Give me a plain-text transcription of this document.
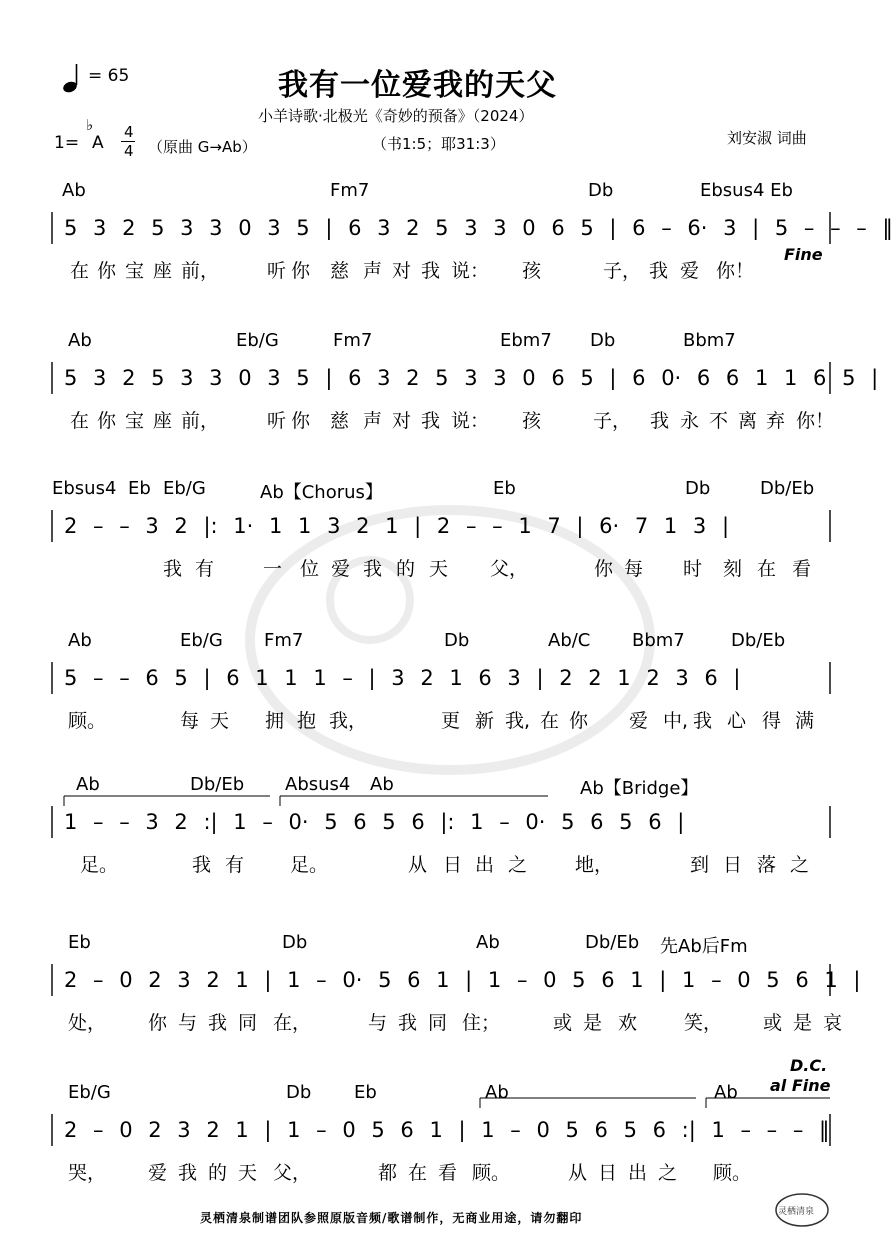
= 65	我有一位爱我的天父
小羊诗歌·北极光《奇妙的预备》（2024）
1=
♭
A
4
4 （原曲 G→Ab）	（书1:5；耶31:3）	刘安淑 词曲
Ab	Fm7	Db	Ebsus4 Eb
5 3 2 5 3 3 0 3 5 | 6 3 2 5 3 3 0 6 5 | 6 – 6· 3 | 5 – – – ‖
在 你 宝 座 前，	听 你 慈 声 对 我 说： 孩	子， 我 爱 你！
Ab	Eb/G	Fm7	Ebm7 Db	Bbm7
5 3 2 5 3 3 0 3 5 | 6 3 2 5 3 3 0 6 5 | 6 0· 6 6 1 1 6 5 |
在 你 宝 座 前，	听 你 慈 声 对 我 说： 孩	子， 我 永 不 离 弃 你！
Ebsus4 Eb Eb/G	Ab【Chorus】	Eb	Db	Db/Eb
2 – – 3 2 |: 1· 1 1 3 2 1 | 2 – – 1 7 | 6· 7 1 3 |
我 有	一 位 爱 我 的 天 父，	你 每 时 刻 在 看
Ab	Eb/G Fm7	Db	Ab/C Bbm7	Db/Eb
5 – – 6 5 | 6 1 1 1 – | 3 2 1 6 3 | 2 2 1 2 3 6 |
顾。	每 天 拥 抱 我，	更 新 我, 在 你 爱 中, 我 心 得 满
Ab	Db/Eb Absus4 Ab	Ab【Bridge】
1 – – 3 2 :| 1 – 0· 5 6 5 6 |: 1 – 0· 5 6 5 6 |
足。	我 有 足。	从 日 出 之	地，	到 日 落 之
Eb	Db	Ab	Db/Eb 先Ab后Fm
2 – 0 2 3 2 1 | 1 – 0· 5 6 1 | 1 – 0 5 6 1 | 1 – 0 5 6 1 |
处， 你 与 我 同 在，	与 我 同 住；	或 是 欢 笑， 或 是 哀
Eb/G	Db Eb	Ab	Ab
2 – 0 2 3 2 1 | 1 – 0 5 6 1 | 1 – 0 5 6 5 6 :| 1 – – – ‖
哭， 爱 我 的 天 父，	都 在 看 顾。	从 日 出 之 顾。
Fine
D.C.
al Fine
灵栖清泉制谱团队参照原版音频/歌谱制作，无商业用途，请勿翻印	灵栖清泉
